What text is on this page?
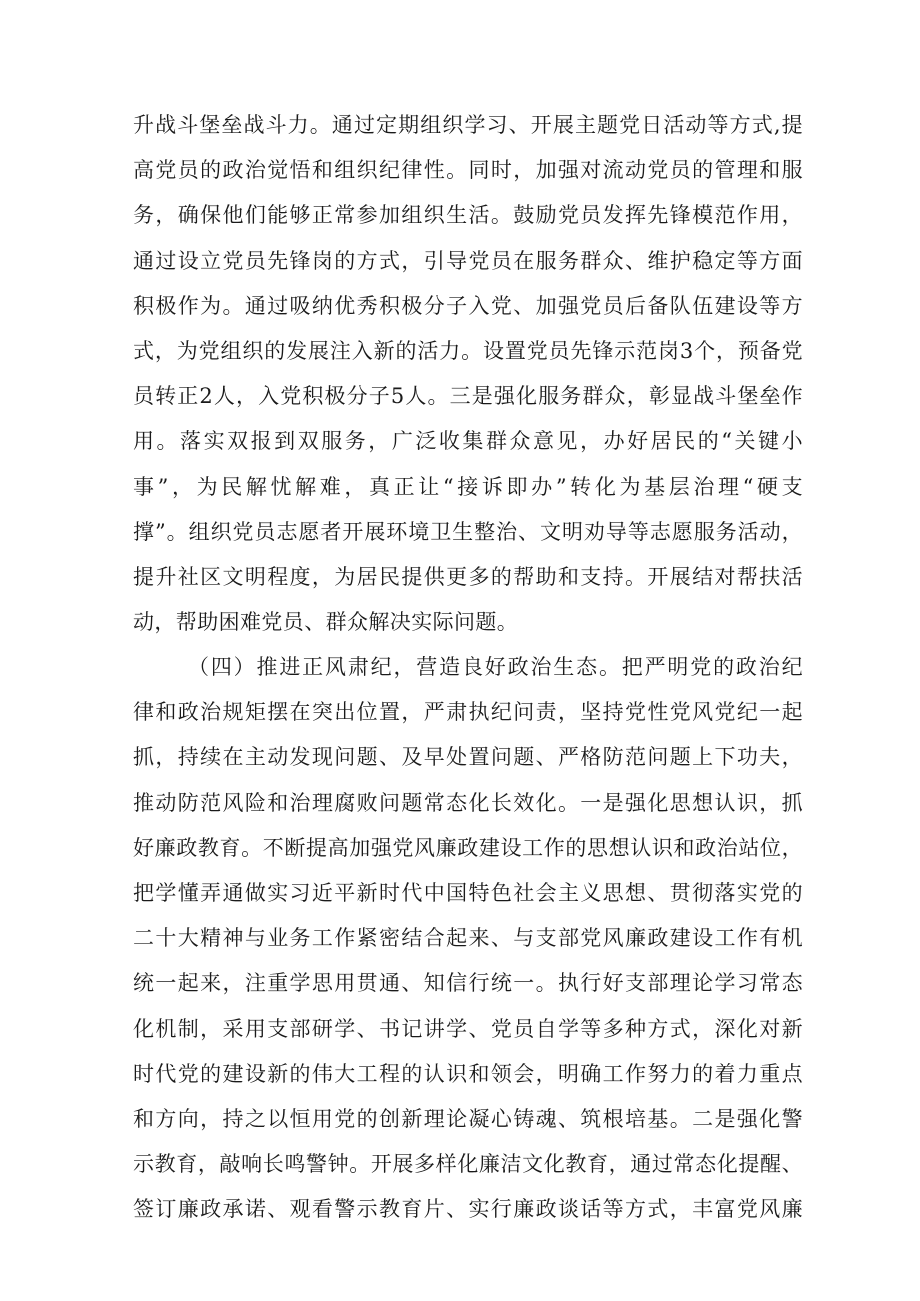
升战斗堡垒战斗力。通过定期组织学习、开展主题党日活动等方式,提
高党员的政治觉悟和组织纪律性。同时，加强对流动党员的管理和服
务，确保他们能够正常参加组织生活。鼓励党员发挥先锋模范作用，
通过设立党员先锋岗的方式，引导党员在服务群众、维护稳定等方面
积极作为。通过吸纳优秀积极分子入党、加强党员后备队伍建设等方
式，为党组织的发展注入新的活力。设置党员先锋示范岗3个，预备党
员转正2人，入党积极分子5人。三是强化服务群众，彰显战斗堡垒作
用。落实双报到双服务，广泛收集群众意见，办好居民的“关键小
事”，为民解忧解难，真正让“接诉即办”转化为基层治理“硬支
撑”。组织党员志愿者开展环境卫生整治、文明劝导等志愿服务活动，
提升社区文明程度，为居民提供更多的帮助和支持。开展结对帮扶活
动，帮助困难党员、群众解决实际问题。
（四）推进正风肃纪，营造良好政治生态。把严明党的政治纪
律和政治规矩摆在突出位置，严肃执纪问责，坚持党性党风党纪一起
抓，持续在主动发现问题、及早处置问题、严格防范问题上下功夫，
推动防范风险和治理腐败问题常态化长效化。一是强化思想认识，抓
好廉政教育。不断提高加强党风廉政建设工作的思想认识和政治站位，
把学懂弄通做实习近平新时代中国特色社会主义思想、贯彻落实党的
二十大精神与业务工作紧密结合起来、与支部党风廉政建设工作有机
统一起来，注重学思用贯通、知信行统一。执行好支部理论学习常态
化机制，采用支部研学、书记讲学、党员自学等多种方式，深化对新
时代党的建设新的伟大工程的认识和领会，明确工作努力的着力重点
和方向，持之以恒用党的创新理论凝心铸魂、筑根培基。二是强化警
示教育，敲响长鸣警钟。开展多样化廉洁文化教育，通过常态化提醒、
签订廉政承诺、观看警示教育片、实行廉政谈话等方式，丰富党风廉
